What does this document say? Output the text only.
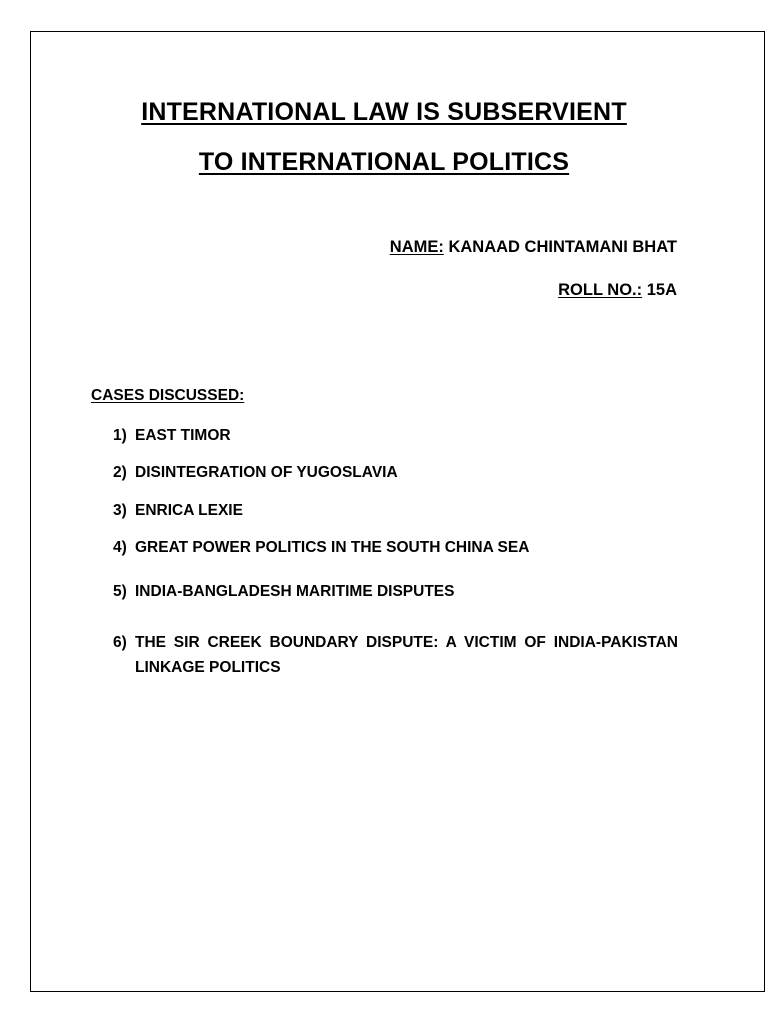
INTERNATIONAL LAW IS SUBSERVIENT
TO INTERNATIONAL POLITICS
NAME: KANAAD CHINTAMANI BHAT
ROLL NO.: 15A
CASES DISCUSSED:
1) EAST TIMOR
2) DISINTEGRATION OF YUGOSLAVIA
3) ENRICA LEXIE
4) GREAT POWER POLITICS IN THE SOUTH CHINA SEA
5) INDIA-BANGLADESH MARITIME DISPUTES
6) THE SIR CREEK BOUNDARY DISPUTE: A VICTIM OF INDIA-PAKISTAN LINKAGE POLITICS
